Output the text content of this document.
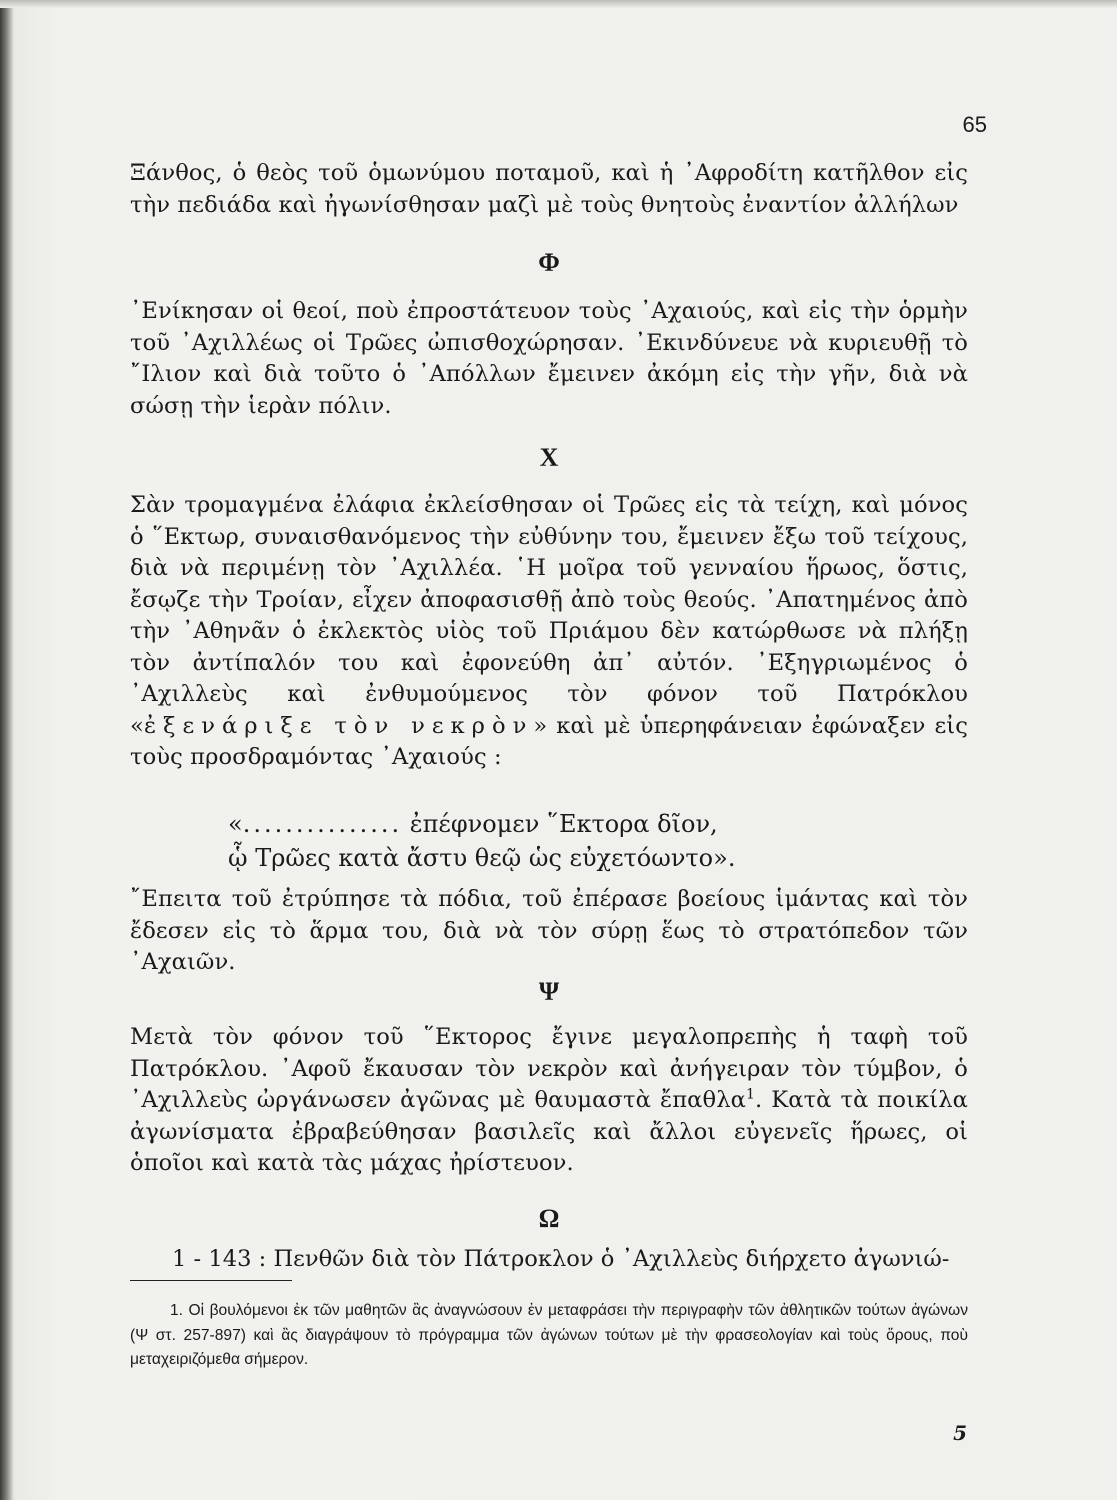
65
Ξάνθος, ὁ θεὸς τοῦ ὁμωνύμου ποταμοῦ, καὶ ἡ ᾽Αφροδίτη κατῆλθον εἰς τὴν πεδιάδα καὶ ἠγωνίσθησαν μαζὶ μὲ τοὺς θνητοὺς ἐναντίον ἀλλήλων
Φ
᾽Ενίκησαν οἱ θεοί, ποὺ ἐπροστάτευον τοὺς ᾽Αχαιούς, καὶ εἰς τὴν ὁρμὴν τοῦ ᾽Αχιλλέως οἱ Τρῶες ὠπισθοχώρησαν. ᾽Εκινδύνευε νὰ κυριευθῇ τὸ ῎Ιλιον καὶ διὰ τοῦτο ὁ ᾽Απόλλων ἔμεινεν ἀκόμη εἰς τὴν γῆν, διὰ νὰ σώσῃ τὴν ἱερὰν πόλιν.
Χ
Σὰν τρομαγμένα ἐλάφια ἐκλείσθησαν οἱ Τρῶες εἰς τὰ τείχη, καὶ μόνος ὁ ῞Εκτωρ, συναισθανόμενος τὴν εὐθύνην του, ἔμεινεν ἔξω τοῦ τείχους, διὰ νὰ περιμένῃ τὸν ᾽Αχιλλέα. ῾Η μοῖρα τοῦ γενναίου ἥρωος, ὅστις, ἔσῳζε τὴν Τροίαν, εἶχεν ἀποφασισθῇ ἀπὸ τοὺς θεούς. ᾽Απατημένος ἀπὸ τὴν ᾽Αθηνᾶν ὁ ἐκλεκτὸς υἱὸς τοῦ Πριάμου δὲν κατώρθωσε νὰ πλήξῃ τὸν ἀντίπαλόν του καὶ ἐφονεύθη ἀπ᾽ αὐτόν. ᾽Εξηγριωμένος ὁ ᾽Αχιλλεὺς καὶ ἐνθυμούμενος τὸν φόνον τοῦ Πατρόκλου «ἐξενάριξε τὸν νεκρὸν» καὶ μὲ ὑπερηφάνειαν ἐφώναξεν εἰς τοὺς προσδραμόντας ᾽Αχαιούς :
«............... ἐπέφνομεν ῞Εκτορα δῖον,
ᾧ Τρῶες κατὰ ἄστυ θεῷ ὡς εὐχετόωντο».
῎Επειτα τοῦ ἐτρύπησε τὰ πόδια, τοῦ ἐπέρασε βοείους ἱμάντας καὶ τὸν ἔδεσεν εἰς τὸ ἅρμα του, διὰ νὰ τὸν σύρῃ ἕως τὸ στρατόπεδον τῶν ᾽Αχαιῶν.
Ψ
Μετὰ τὸν φόνον τοῦ ῞Εκτορος ἔγινε μεγαλοπρεπὴς ἡ ταφὴ τοῦ Πατρόκλου. ᾽Αφοῦ ἔκαυσαν τὸν νεκρὸν καὶ ἀνήγειραν τὸν τύμβον, ὁ ᾽Αχιλλεὺς ὠργάνωσεν ἀγῶνας μὲ θαυμαστὰ ἔπαθλα$^1$. Κατὰ τὰ ποικίλα ἀγωνίσματα ἐβραβεύθησαν βασιλεῖς καὶ ἄλλοι εὐγενεῖς ἥρωες, οἱ ὁποῖοι καὶ κατὰ τὰς μάχας ἠρίστευον.
Ω
1 - 143 : Πενθῶν διὰ τὸν Πάτροκλον ὁ ᾽Αχιλλεὺς διήρχετο ἀγωνιώ-
1. Οἱ βουλόμενοι ἐκ τῶν μαθητῶν ἂς ἀναγνώσουν ἐν μεταφράσει τὴν περιγραφὴν τῶν ἀθλητικῶν τούτων ἀγώνων (Ψ στ. 257-897) καὶ ἂς διαγράψουν τὸ πρόγραμμα τῶν ἀγώνων τούτων μὲ τὴν φρασεολογίαν καὶ τοὺς ὅρους, ποὺ μεταχειριζόμεθα σήμερον.
5
